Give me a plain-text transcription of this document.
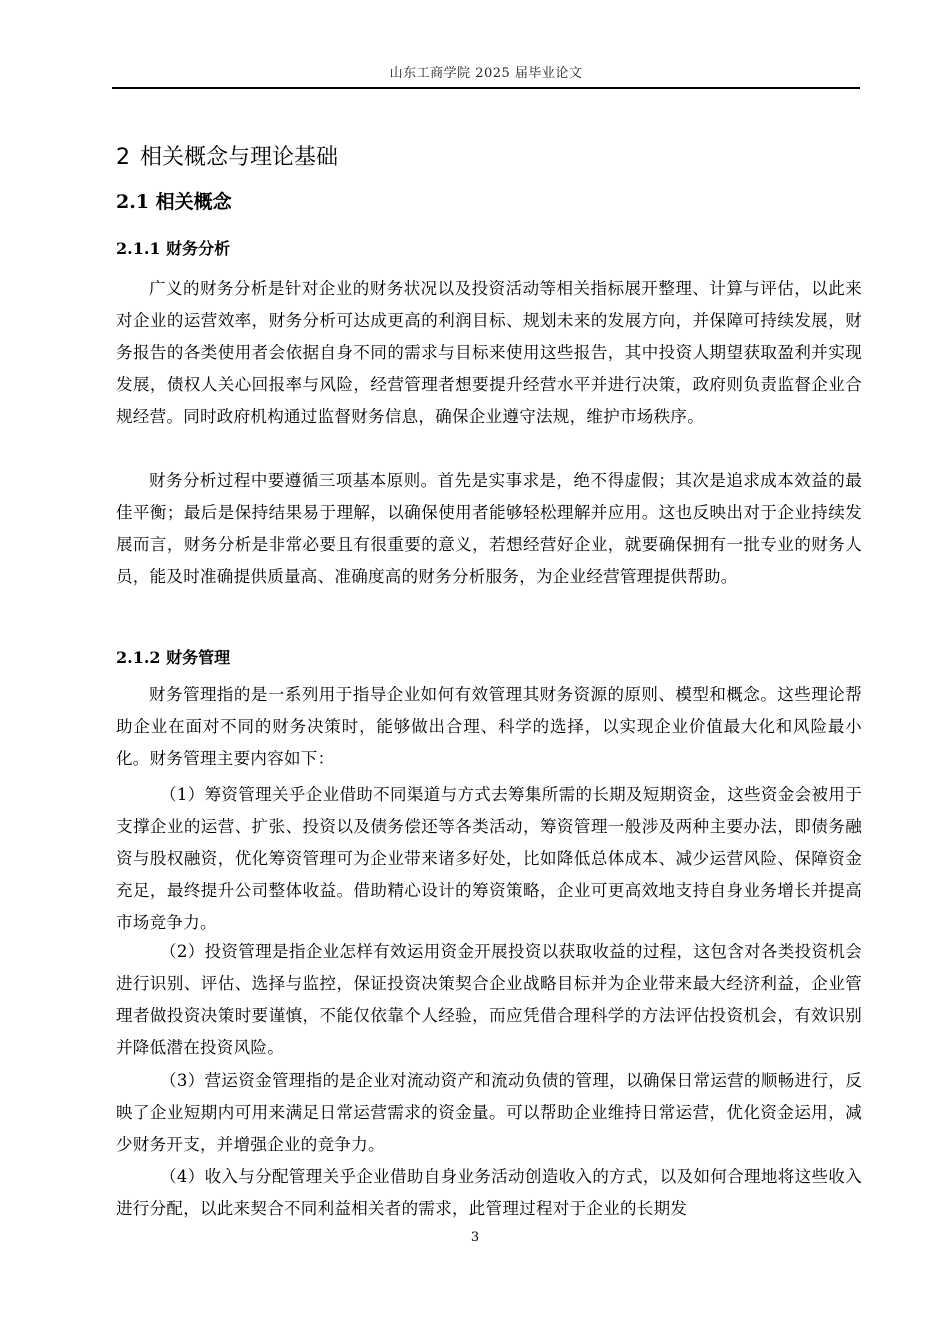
山东工商学院 2025 届毕业论文
2 相关概念与理论基础
2.1 相关概念
2.1.1 财务分析
广义的财务分析是针对企业的财务状况以及投资活动等相关指标展开整理、计算与评估，以此来对企业的运营效率，财务分析可达成更高的利润目标、规划未来的发展方向，并保障可持续发展，财务报告的各类使用者会依据自身不同的需求与目标来使用这些报告，其中投资人期望获取盈利并实现发展，债权人关心回报率与风险，经营管理者想要提升经营水平并进行决策，政府则负责监督企业合规经营。同时政府机构通过监督财务信息，确保企业遵守法规，维护市场秩序。
财务分析过程中要遵循三项基本原则。首先是实事求是，绝不得虚假；其次是追求成本效益的最佳平衡；最后是保持结果易于理解，以确保使用者能够轻松理解并应用。这也反映出对于企业持续发展而言，财务分析是非常必要且有很重要的意义，若想经营好企业，就要确保拥有一批专业的财务人员，能及时准确提供质量高、准确度高的财务分析服务，为企业经营管理提供帮助。
2.1.2 财务管理
财务管理指的是一系列用于指导企业如何有效管理其财务资源的原则、模型和概念。这些理论帮助企业在面对不同的财务决策时，能够做出合理、科学的选择，以实现企业价值最大化和风险最小化。财务管理主要内容如下：
（1）筹资管理关乎企业借助不同渠道与方式去筹集所需的长期及短期资金，这些资金会被用于支撑企业的运营、扩张、投资以及债务偿还等各类活动，筹资管理一般涉及两种主要办法，即债务融资与股权融资，优化筹资管理可为企业带来诸多好处，比如降低总体成本、减少运营风险、保障资金充足，最终提升公司整体收益。借助精心设计的筹资策略，企业可更高效地支持自身业务增长并提高市场竞争力。
（2）投资管理是指企业怎样有效运用资金开展投资以获取收益的过程，这包含对各类投资机会进行识别、评估、选择与监控，保证投资决策契合企业战略目标并为企业带来最大经济利益，企业管理者做投资决策时要谨慎，不能仅依靠个人经验，而应凭借合理科学的方法评估投资机会，有效识别并降低潜在投资风险。
（3）营运资金管理指的是企业对流动资产和流动负债的管理，以确保日常运营的顺畅进行，反映了企业短期内可用来满足日常运营需求的资金量。可以帮助企业维持日常运营，优化资金运用，减少财务开支，并增强企业的竞争力。
（4）收入与分配管理关乎企业借助自身业务活动创造收入的方式，以及如何合理地将这些收入进行分配，以此来契合不同利益相关者的需求，此管理过程对于企业的长期发
3
